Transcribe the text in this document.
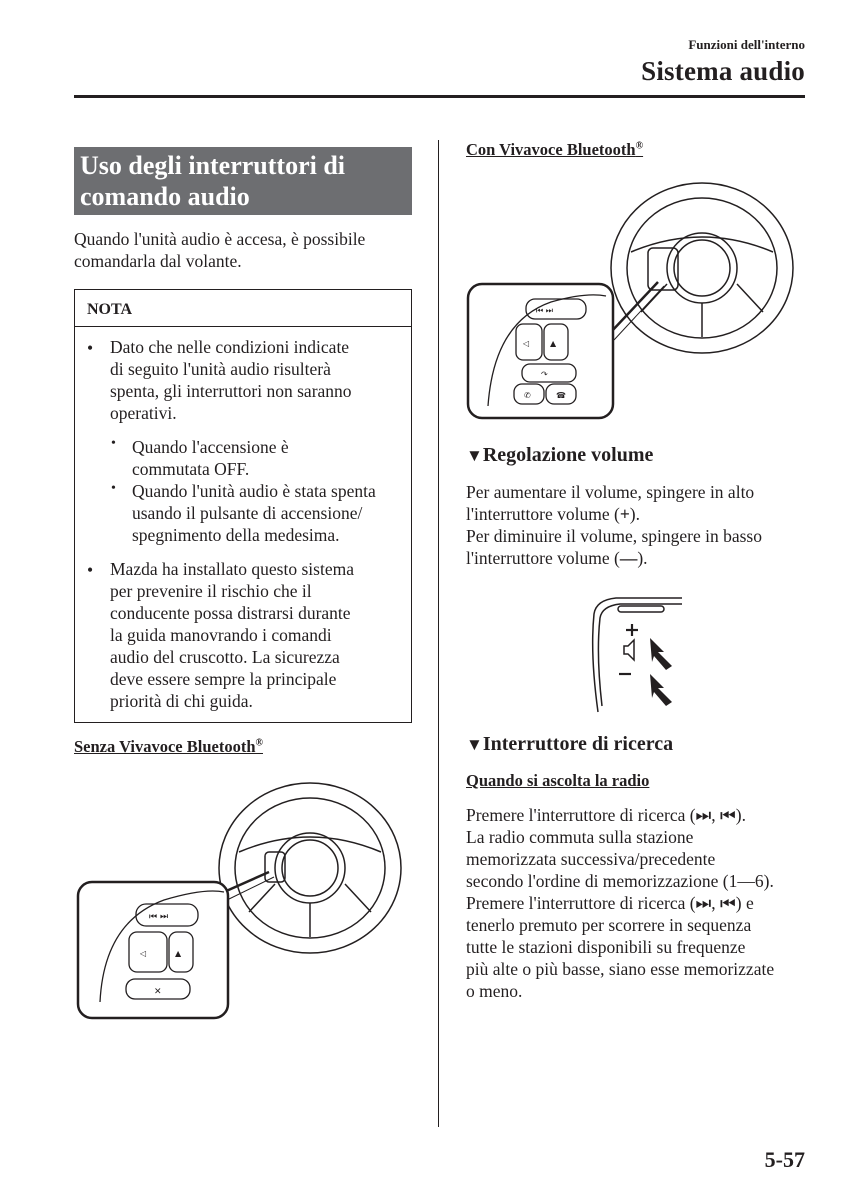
Funzioni dell'interno
Sistema audio
Uso degli interruttori di
comando audio
Quando l'unità audio è accesa, è possibile
comandarla dal volante.
NOTA
• Dato che nelle condizioni indicate
di seguito l'unità audio risulterà
spenta, gli interruttori non saranno
operativi.
• Quando l'accensione è
commutata OFF.
• Quando l'unità audio è stata spenta
usando il pulsante di accensione/
spegnimento della medesima.
• Mazda ha installato questo sistema
per prevenire il rischio che il
conducente possa distrarsi durante
la guida manovrando i comandi
audio del cruscotto. La sicurezza
deve essere sempre la principale
priorità di chi guida.
Senza Vivavoce Bluetooth®
⏮ ⏭
◁	▲
✕
Con Vivavoce Bluetooth®
⏮ ⏭
◁	▲
↷
✆	☎
▼Regolazione volume
Per aumentare il volume, spingere in alto
l'interruttore volume (+).
Per diminuire il volume, spingere in basso
l'interruttore volume (—).
▼Interruttore di ricerca
Quando si ascolta la radio
Premere l'interruttore di ricerca (⏭, ⏮).
La radio commuta sulla stazione
memorizzata successiva/precedente
secondo l'ordine di memorizzazione (1—6).
Premere l'interruttore di ricerca (⏭, ⏮) e
tenerlo premuto per scorrere in sequenza
tutte le stazioni disponibili su frequenze
più alte o più basse, siano esse memorizzate
o meno.
5-57
